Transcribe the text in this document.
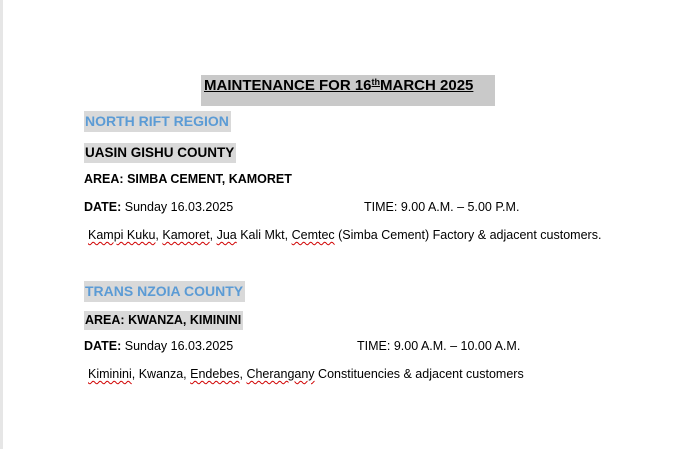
MAINTENANCE FOR 16thMARCH 2025
NORTH RIFT REGION
UASIN GISHU COUNTY
AREA: SIMBA CEMENT, KAMORET
DATE: Sunday 16.03.2025	TIME: 9.00 A.M. – 5.00 P.M.
Kampi Kuku, Kamoret, Jua Kali Mkt, Cemtec (Simba Cement) Factory & adjacent customers.
TRANS NZOIA COUNTY
AREA: KWANZA, KIMININI
DATE: Sunday 16.03.2025	TIME: 9.00 A.M. – 10.00 A.M.
Kiminini, Kwanza, Endebes, Cherangany Constituencies & adjacent customers
